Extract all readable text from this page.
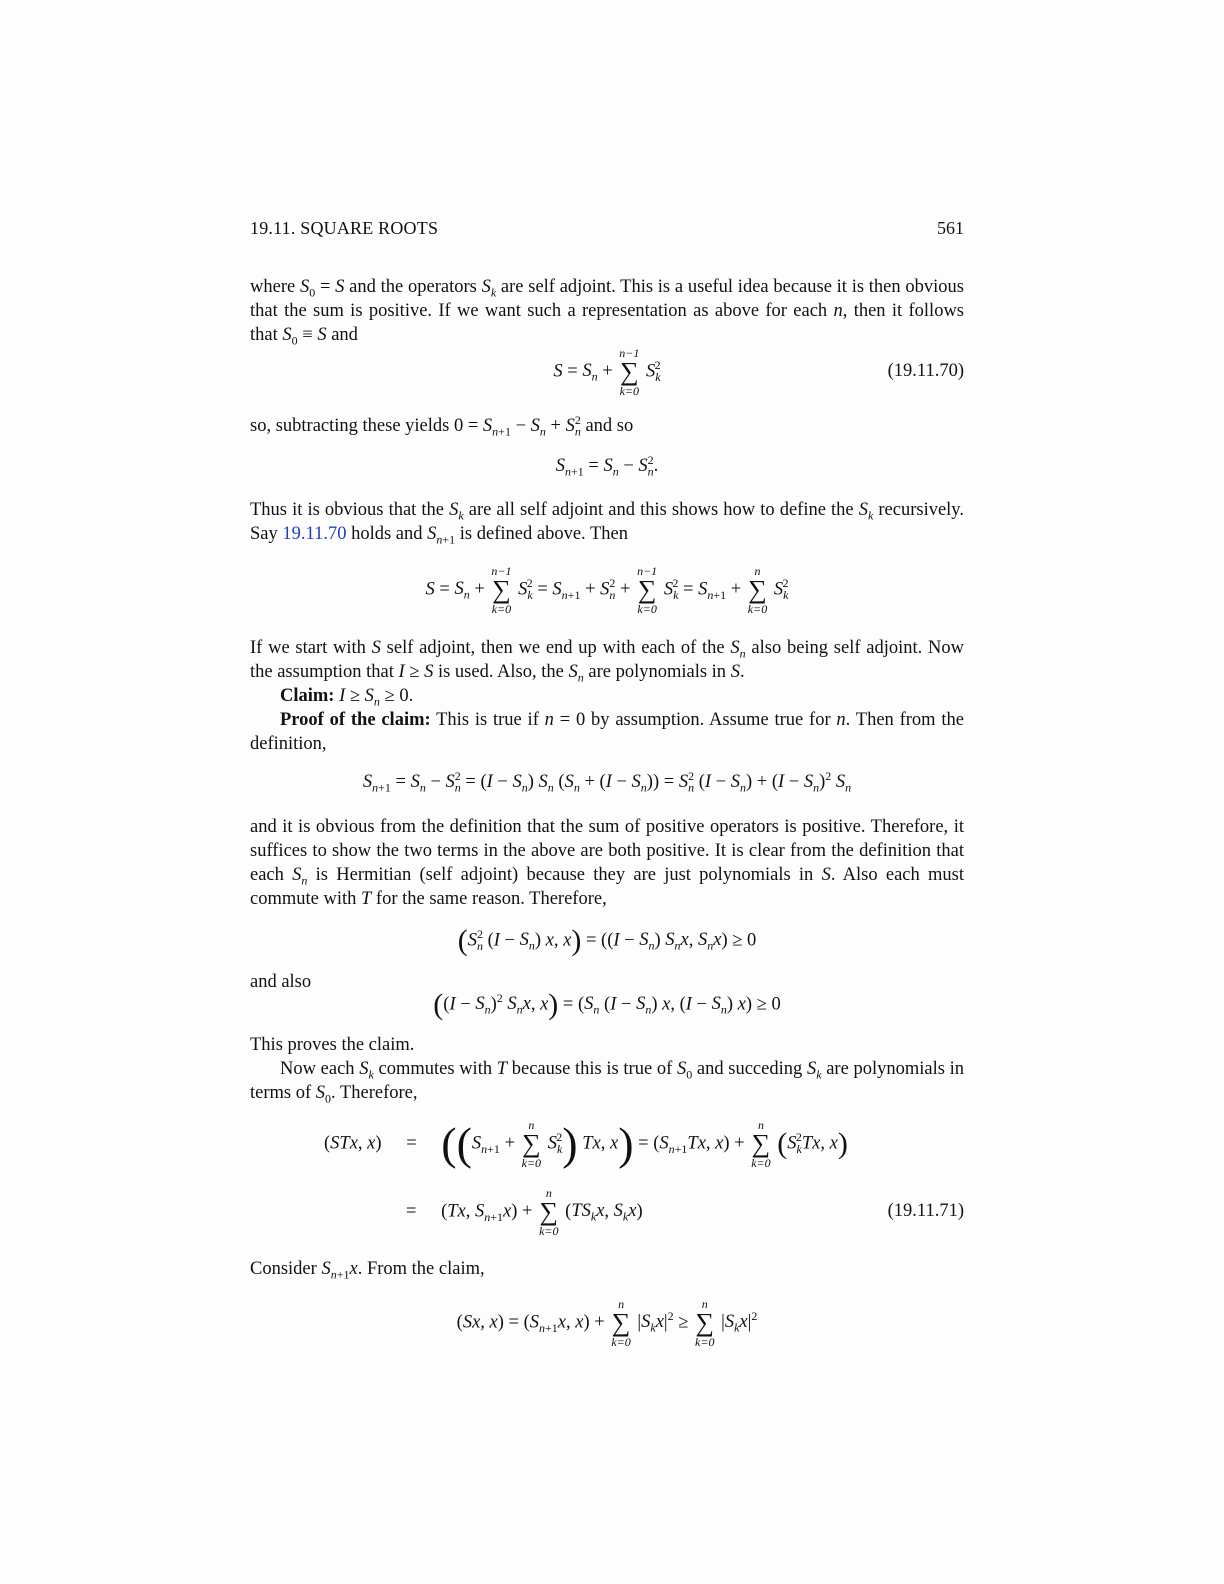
19.11. SQUARE ROOTS	561
where $S_0 = S$ and the operators $S_k$ are self adjoint. This is a useful idea because it is then obvious that the sum is positive. If we want such a representation as above for each n, then it follows that $S_0 \equiv S$ and
$S = S_n$ +
n−1
∑
k=0
$S_k^2$	(19.11.70)
so, subtracting these yields $0 = S_{n+1} - S_n + S_n^2$ and so
$S_{n+1} = S_n - S_n^2$.
Thus it is obvious that the $S_k$ are all self adjoint and this shows how to define the $S_k$ recursively. Say 19.11.70 holds and $S_{n+1}$ is defined above. Then
$S = S_n$ +
n−1
∑
k=0
$S_k^2 = S_{n+1} + S_n^2$ +
n−1
∑
k=0
$S_k^2 = S_{n+1}$ +
n
∑
k=0
$S_k^2$
If we start with S self adjoint, then we end up with each of the $S_n$ also being self adjoint. Now the assumption that I ≥ S is used. Also, the $S_n$ are polynomials in S.
Claim: $I \ge S_n \ge 0$.
Proof of the claim: This is true if n = 0 by assumption. Assume true for n. Then from the definition,
$S_{n+1} = S_n - S_n^2 = (I - S_n)$ $S_n$ $(S_n + (I - S_n)) = S_n^2$ $(I - S_n) + (I - S_n)^2$ $S_n$
and it is obvious from the definition that the sum of positive operators is positive. Therefore, it suffices to show the two terms in the above are both positive. It is clear from the definition that each $S_n$ is Hermitian (self adjoint) because they are just polynomials in S. Also each must commute with T for the same reason. Therefore,
($S_n^2$ $(I - S_n)$ x, $x) = ((I - S_n)$ $S_nx$, $S_nx) \ge 0$
and also
($(I - S_n)^2$ $S_nx$, $x) = (S_n$ $(I - S_n)$ x, $(I - S_n)$ x) ≥ 0
This proves the claim.
Now each $S_k$ commutes with T because this is true of $S_0$ and succeding $S_k$ are polynomials in terms of $S_0$. Therefore,
(STx, $x) = ((S_{n+1}$ +
n
∑
k=0
$S_k^2$) Tx, $x) = (S_{n+1}Tx$, x) +
n
∑
k=0
($S_k^2Tx$, x)
= (Tx, $S_{n+1}x$) +
n
∑
k=0
($TS_kx$, $S_kx$)	(19.11.71)
Consider $S_{n+1}x$. From the claim,
(Sx, $x) = (S_{n+1}x$, x) +
n
∑
k=0
$|S_kx|^2$ ≥
n
∑
k=0
$|S_kx|^2$
